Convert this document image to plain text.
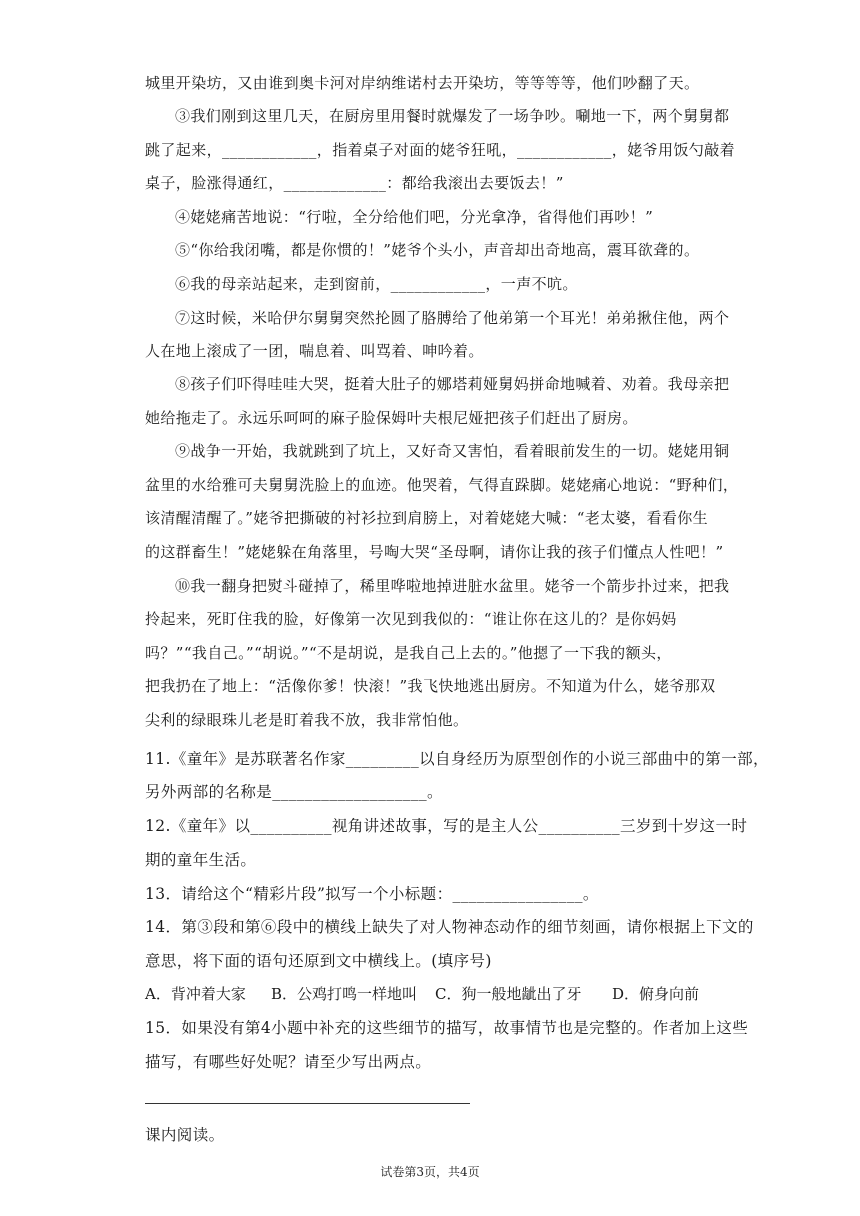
城里开染坊，又由谁到奥卡河对岸纳维诺村去开染坊，等等等等，他们吵翻了天。
③我们刚到这里几天，在厨房里用餐时就爆发了一场争吵。唰地一下，两个舅舅都
跳了起来，____________，指着桌子对面的姥爷狂吼，____________，姥爷用饭勺敲着
桌子，脸涨得通红，_____________：都给我滚出去要饭去！”
④姥姥痛苦地说：“行啦，全分给他们吧，分光拿净，省得他们再吵！”
⑤“你给我闭嘴，都是你惯的！”姥爷个头小，声音却出奇地高，震耳欲聋的。
⑥我的母亲站起来，走到窗前，____________，一声不吭。
⑦这时候，米哈伊尔舅舅突然抡圆了胳膊给了他弟第一个耳光！弟弟揪住他，两个
人在地上滚成了一团，喘息着、叫骂着、呻吟着。
⑧孩子们吓得哇哇大哭，挺着大肚子的娜塔莉娅舅妈拼命地喊着、劝着。我母亲把
她给拖走了。永远乐呵呵的麻子脸保姆叶夫根尼娅把孩子们赶出了厨房。
⑨战争一开始，我就跳到了坑上，又好奇又害怕，看着眼前发生的一切。姥姥用铜
盆里的水给雅可夫舅舅洗脸上的血迹。他哭着，气得直跺脚。姥姥痛心地说：“野种们，
该清醒清醒了。”姥爷把撕破的衬衫拉到肩膀上，对着姥姥大喊：“老太婆，看看你生
的这群畜生！”姥姥躲在角落里，号啕大哭“圣母啊，请你让我的孩子们懂点人性吧！”
⑩我一翻身把熨斗碰掉了，稀里哗啦地掉进脏水盆里。姥爷一个箭步扑过来，把我
拎起来，死盯住我的脸，好像第一次见到我似的：“谁让你在这儿的？是你妈妈
吗？”“我自己。”“胡说。”“不是胡说，是我自己上去的。”他摁了一下我的额头，
把我扔在了地上：“活像你爹！快滚！”我飞快地逃出厨房。不知道为什么，姥爷那双
尖利的绿眼珠儿老是盯着我不放，我非常怕他。
11.《童年》是苏联著名作家_________以自身经历为原型创作的小说三部曲中的第一部，
另外两部的名称是___________________。
12.《童年》以__________视角讲述故事，写的是主人公__________三岁到十岁这一时
期的童年生活。
13．请给这个“精彩片段”拟写一个小标题：________________。
14．第③段和第⑥段中的横线上缺失了对人物神态动作的细节刻画，请你根据上下文的
意思，将下面的语句还原到文中横线上。(填序号)
A．背冲着大家 B．公鸡打鸣一样地叫 C．狗一般地龇出了牙 D．俯身向前
15．如果没有第4小题中补充的这些细节的描写，故事情节也是完整的。作者加上这些
描写，有哪些好处呢？请至少写出两点。
课内阅读。
试卷第3页，共4页
